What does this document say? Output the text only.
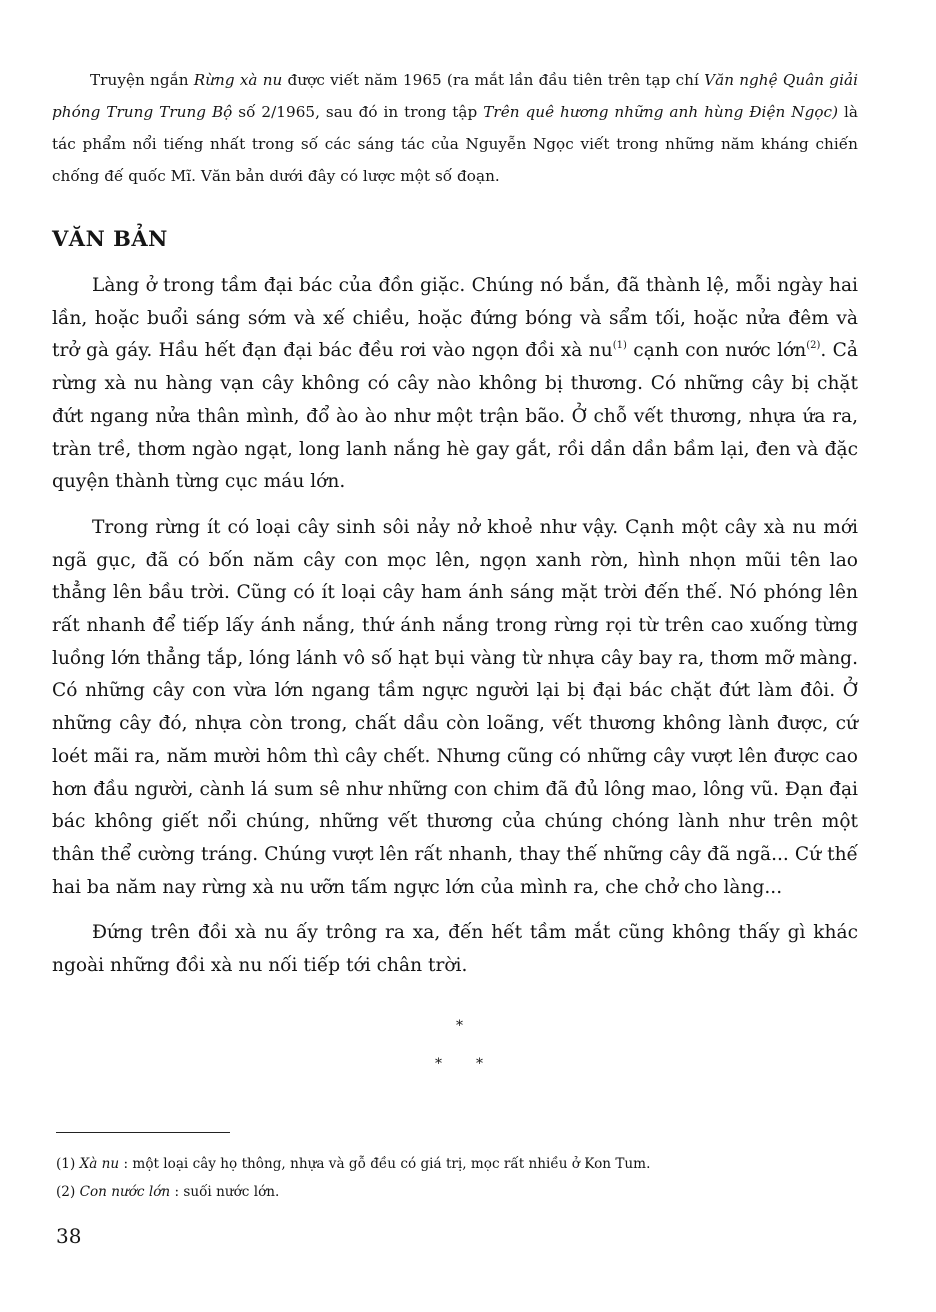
Truyện ngắn Rừng xà nu được viết năm 1965 (ra mắt lần đầu tiên trên tạp chí Văn nghệ Quân giải phóng Trung Trung Bộ số 2/1965, sau đó in trong tập Trên quê hương những anh hùng Điện Ngọc) là tác phẩm nổi tiếng nhất trong số các sáng tác của Nguyễn Ngọc viết trong những năm kháng chiến chống đế quốc Mĩ. Văn bản dưới đây có lược một số đoạn.

VĂN BẢN

Làng ở trong tầm đại bác của đồn giặc. Chúng nó bắn, đã thành lệ, mỗi ngày hai lần, hoặc buổi sáng sớm và xế chiều, hoặc đứng bóng và sẩm tối, hoặc nửa đêm và trở gà gáy. Hầu hết đạn đại bác đều rơi vào ngọn đồi xà $nu^{(1)}$ cạnh con nước lớn$^{(2)}$. Cả rừng xà nu hàng vạn cây không có cây nào không bị thương. Có những cây bị chặt đứt ngang nửa thân mình, đổ ào ào như một trận bão. Ở chỗ vết thương, nhựa ứa ra, tràn trề, thơm ngào ngạt, long lanh nắng hè gay gắt, rồi dần dần bầm lại, đen và đặc quyện thành từng cục máu lớn.

Trong rừng ít có loại cây sinh sôi nảy nở khoẻ như vậy. Cạnh một cây xà nu mới ngã gục, đã có bốn năm cây con mọc lên, ngọn xanh rờn, hình nhọn mũi tên lao thẳng lên bầu trời. Cũng có ít loại cây ham ánh sáng mặt trời đến thế. Nó phóng lên rất nhanh để tiếp lấy ánh nắng, thứ ánh nắng trong rừng rọi từ trên cao xuống từng luồng lớn thẳng tắp, lóng lánh vô số hạt bụi vàng từ nhựa cây bay ra, thơm mỡ màng. Có những cây con vừa lớn ngang tầm ngực người lại bị đại bác chặt đứt làm đôi. Ở những cây đó, nhựa còn trong, chất dầu còn loãng, vết thương không lành được, cứ loét mãi ra, năm mười hôm thì cây chết. Nhưng cũng có những cây vượt lên được cao hơn đầu người, cành lá sum sê như những con chim đã đủ lông mao, lông vũ. Đạn đại bác không giết nổi chúng, những vết thương của chúng chóng lành như trên một thân thể cường tráng. Chúng vượt lên rất nhanh, thay thế những cây đã ngã... Cứ thế hai ba năm nay rừng xà nu ưỡn tấm ngực lớn của mình ra, che chở cho làng...

Đứng trên đồi xà nu ấy trông ra xa, đến hết tầm mắt cũng không thấy gì khác ngoài những đồi xà nu nối tiếp tới chân trời.

*
* *

(1) Xà nu : một loại cây họ thông, nhựa và gỗ đều có giá trị, mọc rất nhiều ở Kon Tum.

(2) Con nước lớn : suối nước lớn.

38
